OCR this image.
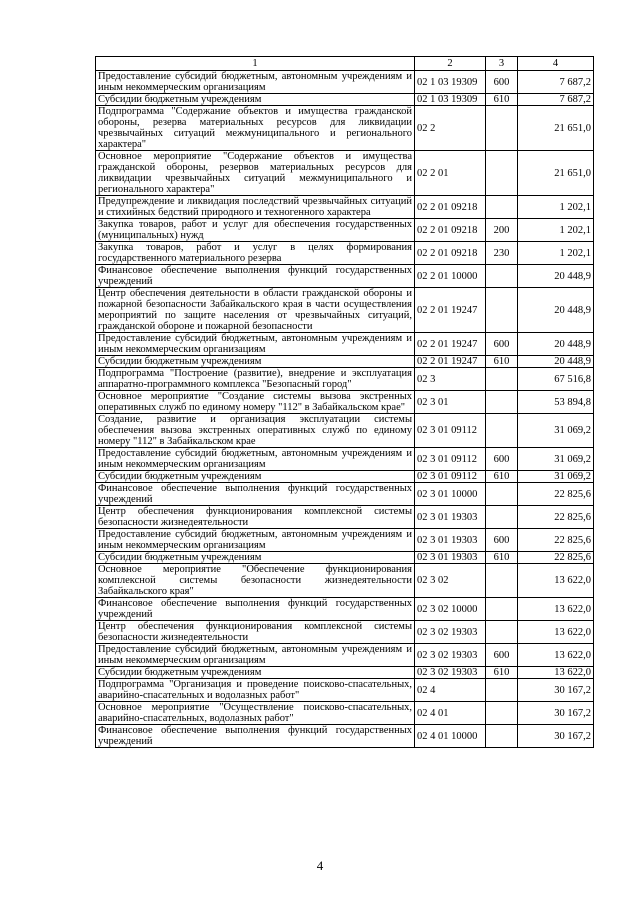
1	2	3	4
Предоставление субсидий бюджетным, автономным учреждениям и иным некоммерческим организациям	02 1 03 19309	600	7 687,2
Субсидии бюджетным учреждениям	02 1 03 19309	610	7 687,2
Подпрограмма "Содержание объектов и имущества гражданской обороны, резерва материальных ресурсов для ликвидации чрезвычайных ситуаций межмуниципального и регионального характера"	02 2		21 651,0
Основное мероприятие "Содержание объектов и имущества гражданской обороны, резервов материальных ресурсов для ликвидации чрезвычайных ситуаций межмуниципального и регионального характера"	02 2 01		21 651,0
Предупреждение и ликвидация последствий чрезвычайных ситуаций и стихийных бедствий природного и техногенного характера	02 2 01 09218		1 202,1
Закупка товаров, работ и услуг для обеспечения государственных (муниципальных) нужд	02 2 01 09218	200	1 202,1
Закупка товаров, работ и услуг в целях формирования государственного материального резерва	02 2 01 09218	230	1 202,1
Финансовое обеспечение выполнения функций государственных учреждений	02 2 01 10000		20 448,9
Центр обеспечения деятельности в области гражданской обороны и пожарной безопасности Забайкальского края в части осуществления мероприятий по защите населения от чрезвычайных ситуаций, гражданской обороне и пожарной безопасности	02 2 01 19247		20 448,9
Предоставление субсидий бюджетным, автономным учреждениям и иным некоммерческим организациям	02 2 01 19247	600	20 448,9
Субсидии бюджетным учреждениям	02 2 01 19247	610	20 448,9
Подпрограмма "Построение (развитие), внедрение и эксплуатация аппаратно-программного комплекса "Безопасный город"	02 3		67 516,8
Основное мероприятие "Создание системы вызова экстренных оперативных служб по единому номеру "112" в Забайкальском крае"	02 3 01		53 894,8
Создание, развитие и организация эксплуатации системы обеспечения вызова экстренных оперативных служб по единому номеру "112" в Забайкальском крае	02 3 01 09112		31 069,2
Предоставление субсидий бюджетным, автономным учреждениям и иным некоммерческим организациям	02 3 01 09112	600	31 069,2
Субсидии бюджетным учреждениям	02 3 01 09112	610	31 069,2
Финансовое обеспечение выполнения функций государственных учреждений	02 3 01 10000		22 825,6
Центр обеспечения функционирования комплексной системы безопасности жизнедеятельности	02 3 01 19303		22 825,6
Предоставление субсидий бюджетным, автономным учреждениям и иным некоммерческим организациям	02 3 01 19303	600	22 825,6
Субсидии бюджетным учреждениям	02 3 01 19303	610	22 825,6
Основное мероприятие "Обеспечение функционирования комплексной системы безопасности жизнедеятельности Забайкальского края"	02 3 02		13 622,0
Финансовое обеспечение выполнения функций государственных учреждений	02 3 02 10000		13 622,0
Центр обеспечения функционирования комплексной системы безопасности жизнедеятельности	02 3 02 19303		13 622,0
Предоставление субсидий бюджетным, автономным учреждениям и иным некоммерческим организациям	02 3 02 19303	600	13 622,0
Субсидии бюджетным учреждениям	02 3 02 19303	610	13 622,0
Подпрограмма "Организация и проведение поисково-спасательных, аварийно-спасательных и водолазных работ"	02 4		30 167,2
Основное мероприятие "Осуществление поисково-спасательных, аварийно-спасательных, водолазных работ"	02 4 01		30 167,2
Финансовое обеспечение выполнения функций государственных учреждений	02 4 01 10000		30 167,2
4
